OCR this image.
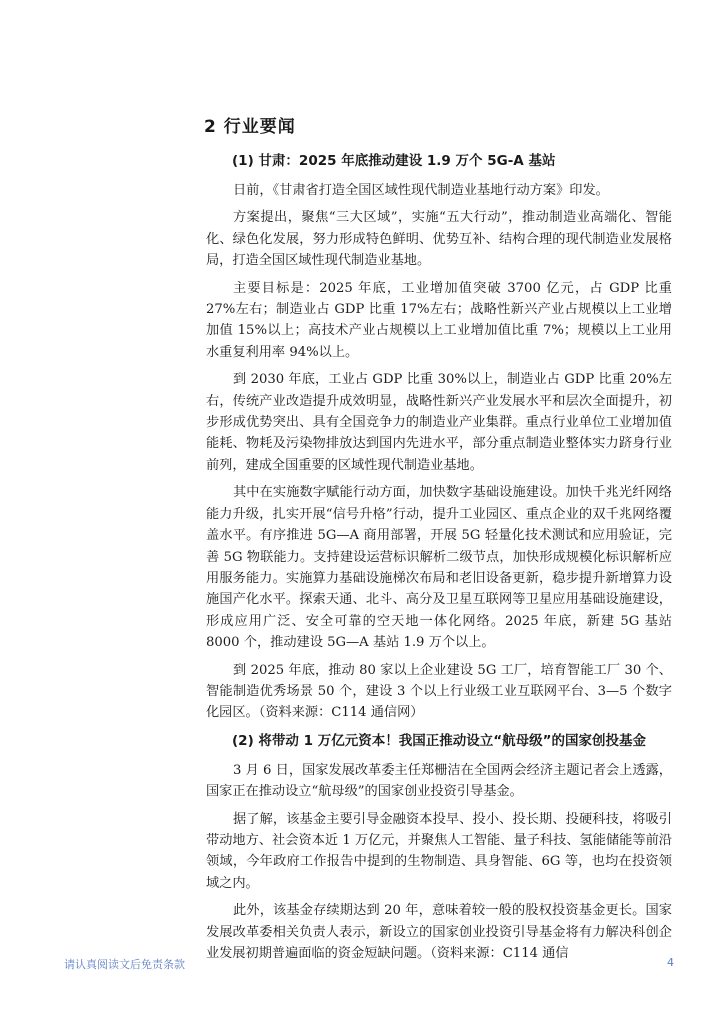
2 行业要闻
(1) 甘肃：2025 年底推动建设 1.9 万个 5G-A 基站

日前，《甘肃省打造全国区域性现代制造业基地行动方案》印发。

方案提出，聚焦“三大区域”，实施“五大行动”，推动制造业高端化、智能化、绿色化发展，努力形成特色鲜明、优势互补、结构合理的现代制造业发展格局，打造全国区域性现代制造业基地。

主要目标是：2025 年底，工业增加值突破 3700 亿元，占 GDP 比重 27%左右；制造业占 GDP 比重 17%左右；战略性新兴产业占规模以上工业增加值 15%以上；高技术产业占规模以上工业增加值比重 7%；规模以上工业用水重复利用率 94%以上。

到 2030 年底，工业占 GDP 比重 30%以上，制造业占 GDP 比重 20%左右，传统产业改造提升成效明显，战略性新兴产业发展水平和层次全面提升，初步形成优势突出、具有全国竞争力的制造业产业集群。重点行业单位工业增加值能耗、物耗及污染物排放达到国内先进水平，部分重点制造业整体实力跻身行业前列，建成全国重要的区域性现代制造业基地。

其中在实施数字赋能行动方面，加快数字基础设施建设。加快千兆光纤网络能力升级，扎实开展“信号升格”行动，提升工业园区、重点企业的双千兆网络覆盖水平。有序推进 5G—A 商用部署，开展 5G 轻量化技术测试和应用验证，完善 5G 物联能力。支持建设运营标识解析二级节点，加快形成规模化标识解析应用服务能力。实施算力基础设施梯次布局和老旧设备更新，稳步提升新增算力设施国产化水平。探索天通、北斗、高分及卫星互联网等卫星应用基础设施建设，形成应用广泛、安全可靠的空天地一体化网络。2025 年底，新建 5G 基站 8000 个，推动建设 5G—A 基站 1.9 万个以上。

到 2025 年底，推动 80 家以上企业建设 5G 工厂，培育智能工厂 30 个、智能制造优秀场景 50 个，建设 3 个以上行业级工业互联网平台、3—5 个数字化园区。（资料来源：C114 通信网）

(2) 将带动 1 万亿元资本！我国正推动设立“航母级”的国家创投基金

3 月 6 日，国家发展改革委主任郑栅洁在全国两会经济主题记者会上透露，国家正在推动设立“航母级”的国家创业投资引导基金。

据了解，该基金主要引导金融资本投早、投小、投长期、投硬科技，将吸引带动地方、社会资本近 1 万亿元，并聚焦人工智能、量子科技、氢能储能等前沿领域，今年政府工作报告中提到的生物制造、具身智能、6G 等，也均在投资领域之内。

此外，该基金存续期达到 20 年，意味着较一般的股权投资基金更长。国家发展改革委相关负责人表示，新设立的国家创业投资引导基金将有力解决科创企业发展初期普遍面临的资金短缺问题。（资料来源：C114 通信

请认真阅读文后免责条款	4
